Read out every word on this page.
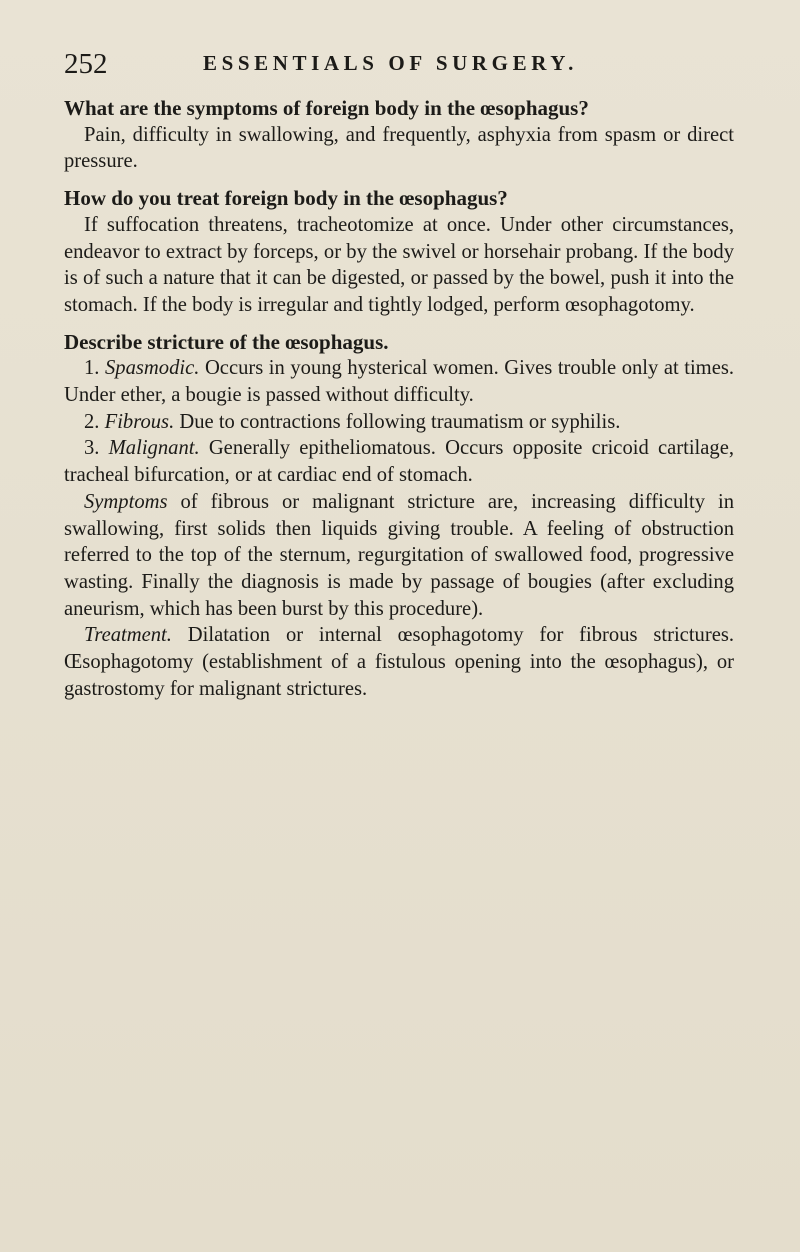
252	ESSENTIALS OF SURGERY.
What are the symptoms of foreign body in the œsophagus?

Pain, difficulty in swallowing, and frequently, asphyxia from spasm or direct pressure.

How do you treat foreign body in the œsophagus?

If suffocation threatens, tracheotomize at once. Under other circumstances, endeavor to extract by forceps, or by the swivel or horsehair probang. If the body is of such a nature that it can be digested, or passed by the bowel, push it into the stomach. If the body is irregular and tightly lodged, perform œsophagotomy.

Describe stricture of the œsophagus.

1. Spasmodic. Occurs in young hysterical women. Gives trouble only at times. Under ether, a bougie is passed without difficulty.

2. Fibrous. Due to contractions following traumatism or syphilis.

3. Malignant. Generally epitheliomatous. Occurs opposite cricoid cartilage, tracheal bifurcation, or at cardiac end of stomach.

Symptoms of fibrous or malignant stricture are, increasing difficulty in swallowing, first solids then liquids giving trouble. A feeling of obstruction referred to the top of the sternum, regurgitation of swallowed food, progressive wasting. Finally the diagnosis is made by passage of bougies (after excluding aneurism, which has been burst by this procedure).

Treatment. Dilatation or internal œsophagotomy for fibrous strictures. Œsophagotomy (establishment of a fistulous opening into the œsophagus), or gastrostomy for malignant strictures.
